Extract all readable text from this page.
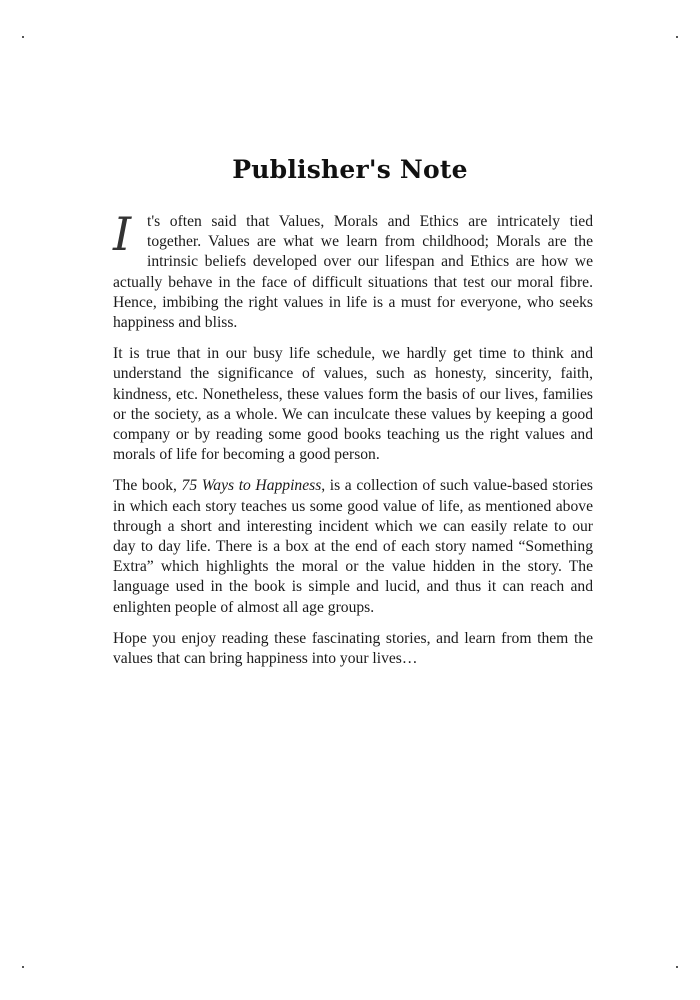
Publisher's Note

I	t's often said that Values, Morals and Ethics are intricately tied together. Values are what we learn from childhood; Morals are the intrinsic beliefs developed over our lifespan and Ethics are how we actually behave in the face of difficult situations that test our moral fibre. Hence, imbibing the right values in life is a must for everyone, who seeks happiness and bliss.

It is true that in our busy life schedule, we hardly get time to think and understand the significance of values, such as honesty, sincerity, faith, kindness, etc. Nonetheless, these values form the basis of our lives, families or the society, as a whole. We can inculcate these values by keeping a good company or by reading some good books teaching us the right values and morals of life for becoming a good person.

The book, 75 Ways to Happiness, is a collection of such value-based stories in which each story teaches us some good value of life, as mentioned above through a short and interesting incident which we can easily relate to our day to day life. There is a box at the end of each story named “Something Extra” which highlights the moral or the value hidden in the story. The language used in the book is simple and lucid, and thus it can reach and enlighten people of almost all age groups.

Hope you enjoy reading these fascinating stories, and learn from them the values that can bring happiness into your lives…
